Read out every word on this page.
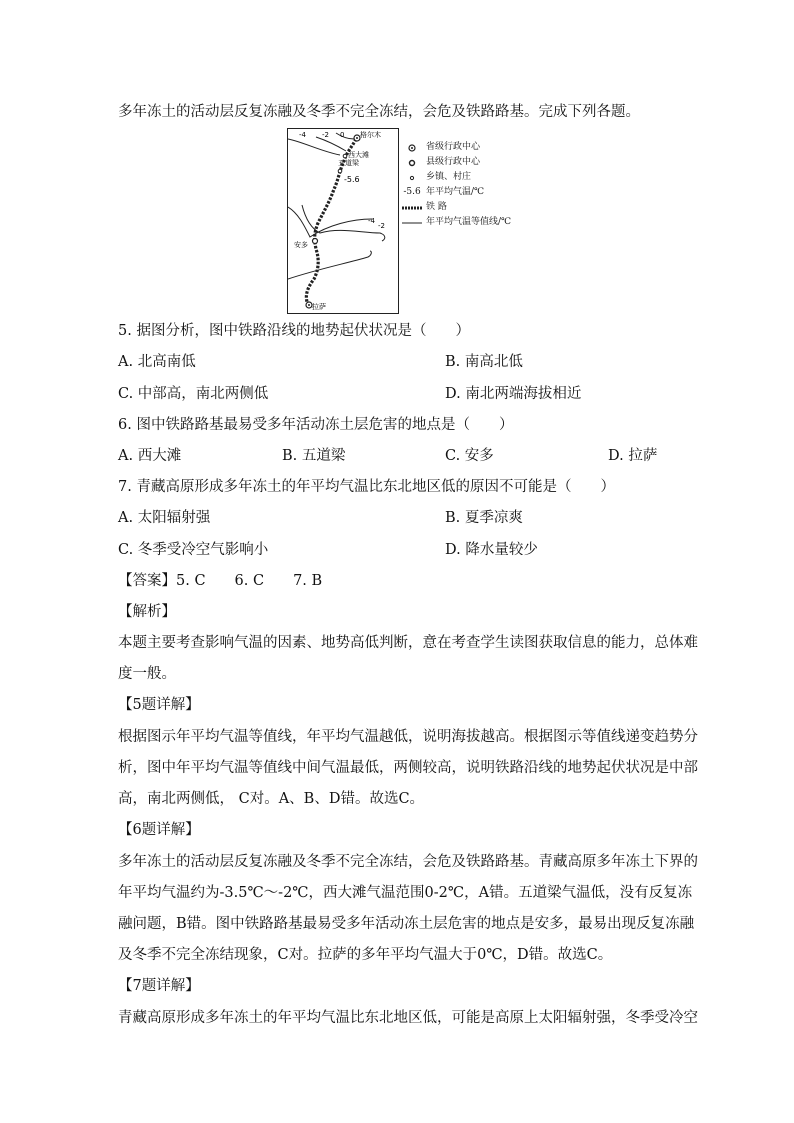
多年冻土的活动层反复冻融及冬季不完全冻结，会危及铁路路基。完成下列各题。
-4 -2 0 格尔木
西大滩
五道梁
-5.6
-4
-2
安多
拉萨
省级行政中心
县级行政中心
乡镇、村庄
-5.6 年平均气温/℃
铁 路
年平均气温等值线/℃
5. 据图分析，图中铁路沿线的地势起伏状况是（　　）
A. 北高南低	B. 南高北低
C. 中部高，南北两侧低	D. 南北两端海拔相近
6. 图中铁路路基最易受多年活动冻土层危害的地点是（　　）
A. 西大滩	B. 五道梁	C. 安多	D. 拉萨
7. 青藏高原形成多年冻土的年平均气温比东北地区低的原因不可能是（　　）
A. 太阳辐射强	B. 夏季凉爽
C. 冬季受冷空气影响小	D. 降水量较少
【答案】5. C　　6. C　　7. B
【解析】
本题主要考查影响气温的因素、地势高低判断，意在考查学生读图获取信息的能力，总体难
度一般。
【5题详解】
根据图示年平均气温等值线，年平均气温越低，说明海拔越高。根据图示等值线递变趋势分
析，图中年平均气温等值线中间气温最低，两侧较高，说明铁路沿线的地势起伏状况是中部
高，南北两侧低， C对。A、B、D错。故选C。
【6题详解】
多年冻土的活动层反复冻融及冬季不完全冻结，会危及铁路路基。青藏高原多年冻土下界的
年平均气温约为-3.5℃～-2℃，西大滩气温范围0-2℃，A错。五道梁气温低，没有反复冻
融问题，B错。图中铁路路基最易受多年活动冻土层危害的地点是安多，最易出现反复冻融
及冬季不完全冻结现象，C对。拉萨的多年平均气温大于0℃，D错。故选C。
【7题详解】
青藏高原形成多年冻土的年平均气温比东北地区低，可能是高原上太阳辐射强，冬季受冷空
